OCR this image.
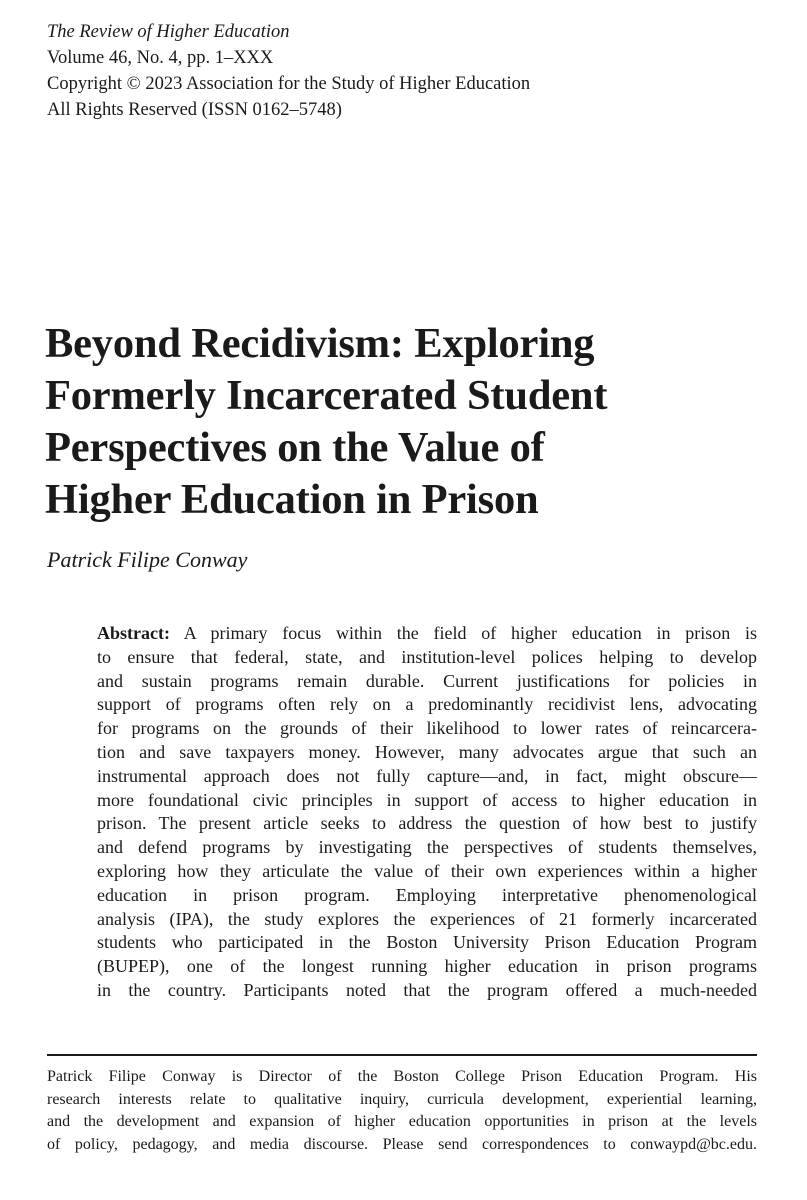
The Review of Higher Education
Volume 46, No. 4, pp. 1–XXX
Copyright © 2023 Association for the Study of Higher Education
All Rights Reserved (ISSN 0162–5748)
Beyond Recidivism: Exploring
Formerly Incarcerated Student
Perspectives on the Value of
Higher Education in Prison
Patrick Filipe Conway
Abstract: A primary focus within the field of higher education in prison is
to ensure that federal, state, and institution-level polices helping to develop
and sustain programs remain durable. Current justifications for policies in
support of programs often rely on a predominantly recidivist lens, advocating
for programs on the grounds of their likelihood to lower rates of reincarcera-
tion and save taxpayers money. However, many advocates argue that such an
instrumental approach does not fully capture—and, in fact, might obscure—
more foundational civic principles in support of access to higher education in
prison. The present article seeks to address the question of how best to justify
and defend programs by investigating the perspectives of students themselves,
exploring how they articulate the value of their own experiences within a higher
education in prison program. Employing interpretative phenomenological
analysis (IPA), the study explores the experiences of 21 formerly incarcerated
students who participated in the Boston University Prison Education Program
(BUPEP), one of the longest running higher education in prison programs
in the country. Participants noted that the program offered a much-needed
Patrick Filipe Conway is Director of the Boston College Prison Education Program. His
research interests relate to qualitative inquiry, curricula development, experiential learning,
and the development and expansion of higher education opportunities in prison at the levels
of policy, pedagogy, and media discourse. Please send correspondences to conwaypd@bc.edu.
